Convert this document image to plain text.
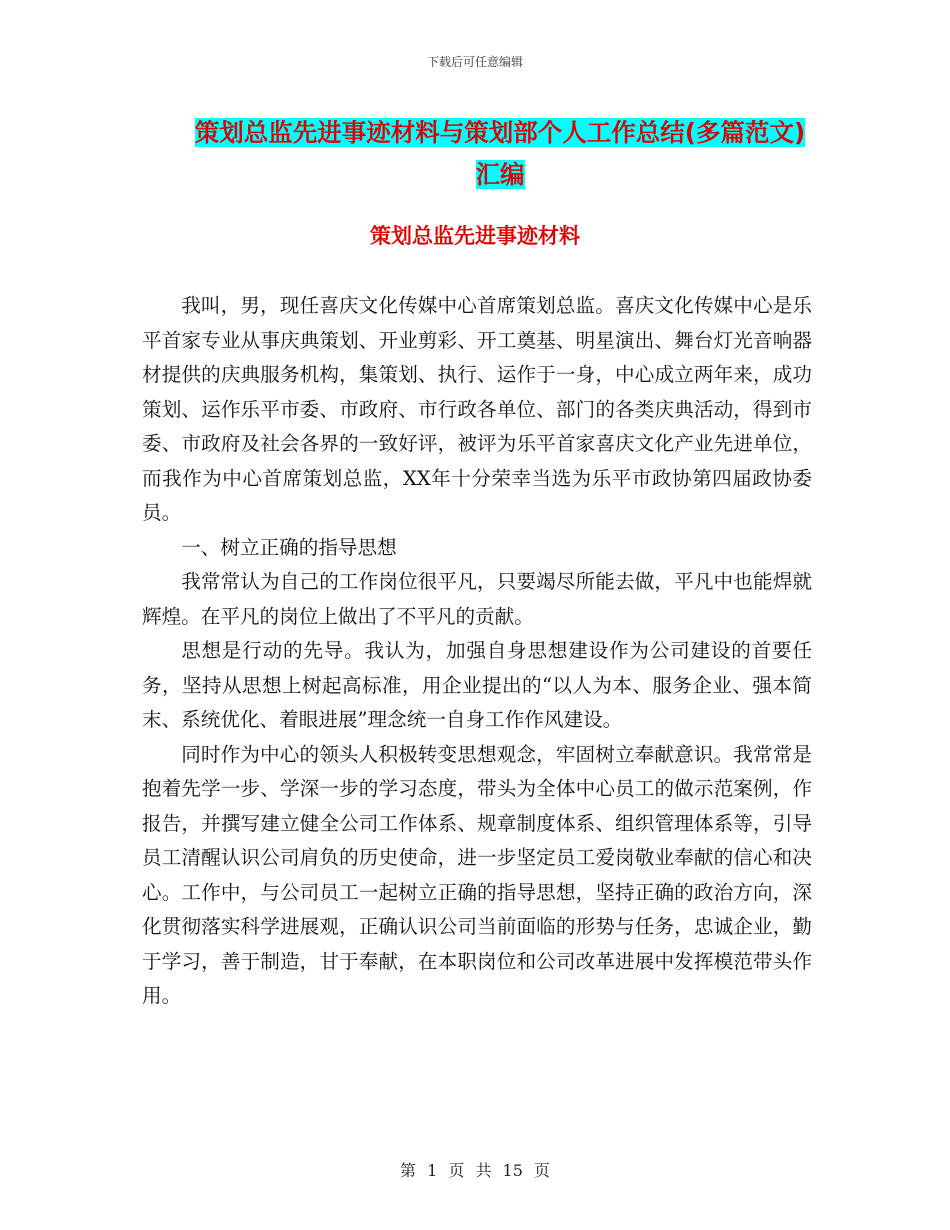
下载后可任意编辑
策划总监先进事迹材料与策划部个人工作总结(多篇范文)汇编
策划总监先进事迹材料

我叫，男，现任喜庆文化传媒中心首席策划总监。喜庆文化传媒中心是乐平首家专业从事庆典策划、开业剪彩、开工奠基、明星演出、舞台灯光音响器材提供的庆典服务机构，集策划、执行、运作于一身，中心成立两年来，成功策划、运作乐平市委、市政府、市行政各单位、部门的各类庆典活动，得到市委、市政府及社会各界的一致好评，被评为乐平首家喜庆文化产业先进单位，而我作为中心首席策划总监，XX年十分荣幸当选为乐平市政协第四届政协委员。

一、树立正确的指导思想

我常常认为自己的工作岗位很平凡，只要竭尽所能去做，平凡中也能焊就辉煌。在平凡的岗位上做出了不平凡的贡献。

思想是行动的先导。我认为，加强自身思想建设作为公司建设的首要任务，坚持从思想上树起高标准，用企业提出的“以人为本、服务企业、强本简末、系统优化、着眼进展”理念统一自身工作作风建设。

同时作为中心的领头人积极转变思想观念，牢固树立奉献意识。我常常是抱着先学一步、学深一步的学习态度，带头为全体中心员工的做示范案例，作报告，并撰写建立健全公司工作体系、规章制度体系、组织管理体系等，引导员工清醒认识公司肩负的历史使命，进一步坚定员工爱岗敬业奉献的信心和决心。工作中，与公司员工一起树立正确的指导思想，坚持正确的政治方向，深化贯彻落实科学进展观，正确认识公司当前面临的形势与任务，忠诚企业，勤于学习，善于制造，甘于奉献，在本职岗位和公司改革进展中发挥模范带头作用。

第 1 页 共 15 页
